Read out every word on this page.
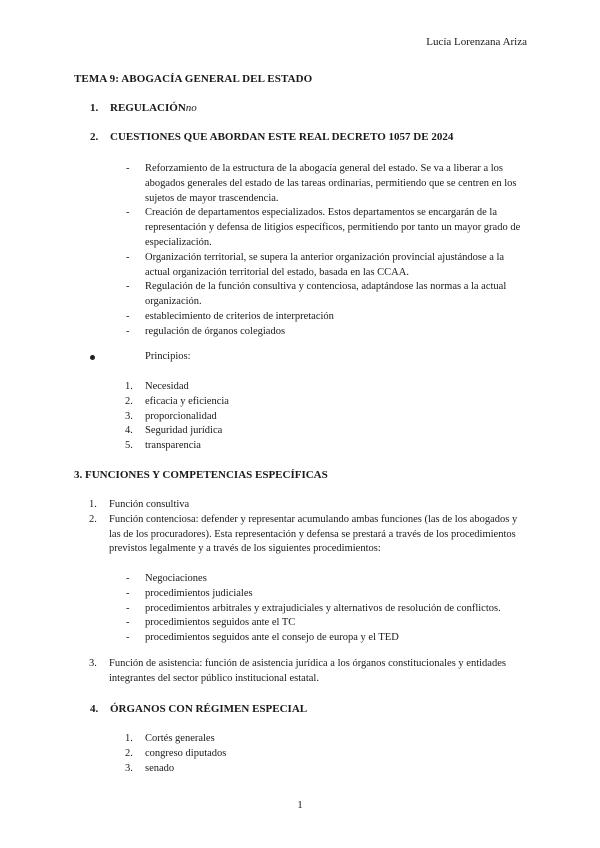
Lucía Lorenzana Ariza
TEMA 9: ABOGACÍA GENERAL DEL ESTADO
1. REGULACIÓNno
2. CUESTIONES QUE ABORDAN ESTE REAL DECRETO 1057 DE 2024
- Reforzamiento de la estructura de la abogacía general del estado. Se va a liberar a los abogados generales del estado de las tareas ordinarias, permitiendo que se centren en los sujetos de mayor trascendencia.
- Creación de departamentos especializados. Estos departamentos se encargarán de la representación y defensa de litigios específicos, permitiendo por tanto un mayor grado de especialización.
- Organización territorial, se supera la anterior organización provincial ajustándose a la actual organización territorial del estado, basada en las CCAA.
- Regulación de la función consultiva y contenciosa, adaptándose las normas a la actual organización.
- establecimiento de criterios de interpretación
- regulación de órganos colegiados
Principios:
1. Necesidad
2. eficacia y eficiencia
3. proporcionalidad
4. Seguridad jurídica
5. transparencia
3. FUNCIONES Y COMPETENCIAS ESPECÍFICAS
1. Función consultiva
2. Función contenciosa: defender y representar acumulando ambas funciones (las de los abogados y las de los procuradores). Esta representación y defensa se prestará a través de los procedimientos previstos legalmente y a través de los siguientes procedimientos:
- Negociaciones
- procedimientos judiciales
- procedimientos arbitrales y extrajudiciales y alternativos de resolución de conflictos.
- procedimientos seguidos ante el TC
- procedimientos seguidos ante el consejo de europa y el TED
3. Función de asistencia: función de asistencia jurídica a los órganos constitucionales y entidades integrantes del sector público institucional estatal.
4. ÓRGANOS CON RÉGIMEN ESPECIAL
1. Cortés generales
2. congreso diputados
3. senado
1
